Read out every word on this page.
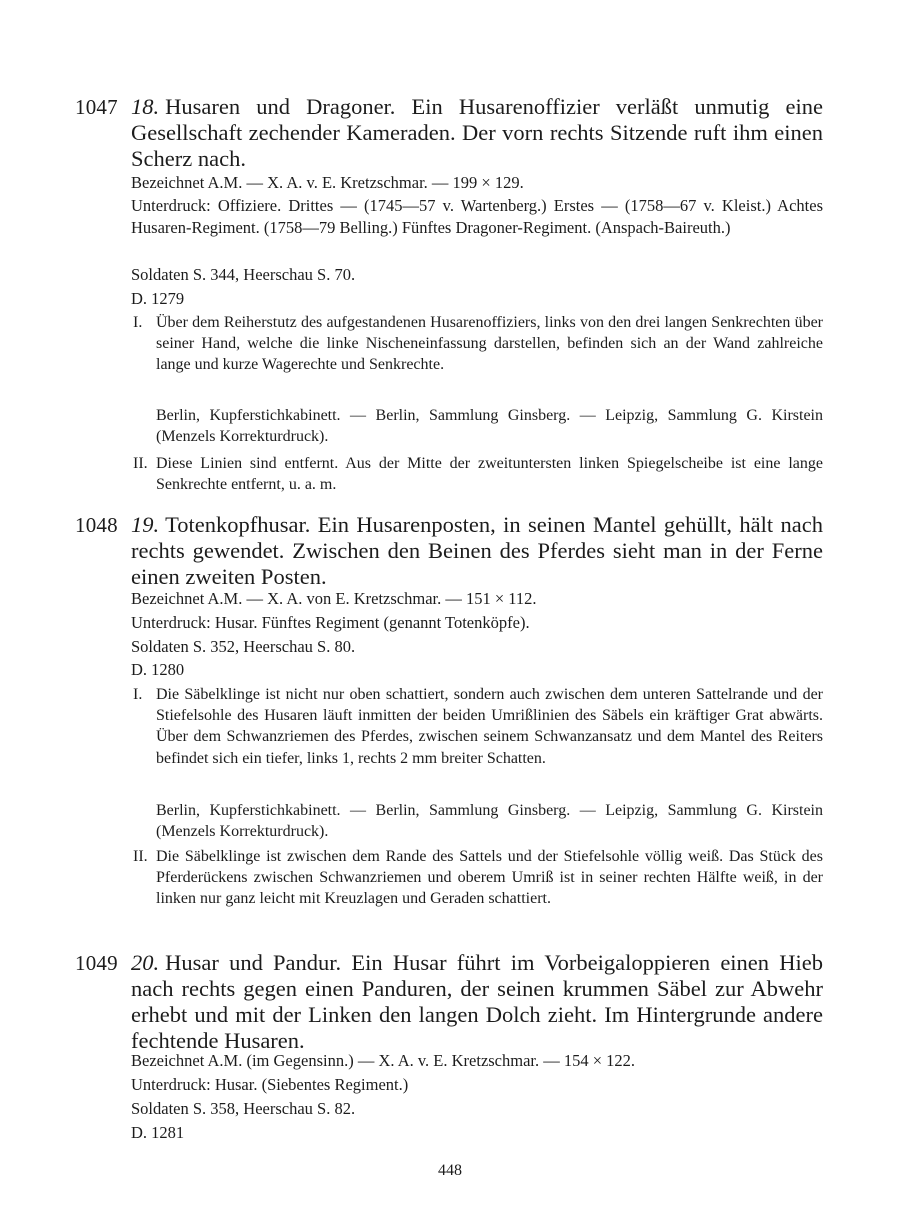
1047 18. Husaren und Dragoner. Ein Husarenoffizier verläßt unmutig eine Gesellschaft zechender Kameraden. Der vorn rechts Sitzende ruft ihm einen Scherz nach.
Bezeichnet A.M. — X. A. v. E. Kretzschmar. — 199 × 129.
Unterdruck: Offiziere. Drittes — (1745—57 v. Wartenberg.) Erstes — (1758—67 v. Kleist.) Achtes Husaren-Regiment. (1758—79 Belling.) Fünftes Dragoner-Regiment. (Anspach-Baireuth.)
Soldaten S. 344, Heerschau S. 70.
D. 1279
I. Über dem Reiherstutz des aufgestandenen Husarenoffiziers, links von den drei langen Senkrechten über seiner Hand, welche die linke Nischeneinfassung darstellen, befinden sich an der Wand zahlreiche lange und kurze Wagerechte und Senkrechte.
Berlin, Kupferstichkabinett. — Berlin, Sammlung Ginsberg. — Leipzig, Sammlung G. Kirstein (Menzels Korrekturdruck).
II. Diese Linien sind entfernt. Aus der Mitte der zweituntersten linken Spiegelscheibe ist eine lange Senkrechte entfernt, u. a. m.
1048 19. Totenkopfhusar. Ein Husarenposten, in seinen Mantel gehüllt, hält nach rechts gewendet. Zwischen den Beinen des Pferdes sieht man in der Ferne einen zweiten Posten.
Bezeichnet A.M. — X. A. von E. Kretzschmar. — 151 × 112.
Unterdruck: Husar. Fünftes Regiment (genannt Totenköpfe).
Soldaten S. 352, Heerschau S. 80.
D. 1280
I. Die Säbelklinge ist nicht nur oben schattiert, sondern auch zwischen dem unteren Sattelrande und der Stiefelsohle des Husaren läuft inmitten der beiden Umrißlinien des Säbels ein kräftiger Grat abwärts. Über dem Schwanzriemen des Pferdes, zwischen seinem Schwanzansatz und dem Mantel des Reiters befindet sich ein tiefer, links 1, rechts 2 mm breiter Schatten.
Berlin, Kupferstichkabinett. — Berlin, Sammlung Ginsberg. — Leipzig, Sammlung G. Kirstein (Menzels Korrekturdruck).
II. Die Säbelklinge ist zwischen dem Rande des Sattels und der Stiefelsohle völlig weiß. Das Stück des Pferderückens zwischen Schwanzriemen und oberem Umriß ist in seiner rechten Hälfte weiß, in der linken nur ganz leicht mit Kreuzlagen und Geraden schattiert.
1049 20. Husar und Pandur. Ein Husar führt im Vorbeigaloppieren einen Hieb nach rechts gegen einen Panduren, der seinen krummen Säbel zur Abwehr erhebt und mit der Linken den langen Dolch zieht. Im Hintergrunde andere fechtende Husaren.
Bezeichnet A.M. (im Gegensinn.) — X. A. v. E. Kretzschmar. — 154 × 122.
Unterdruck: Husar. (Siebentes Regiment.)
Soldaten S. 358, Heerschau S. 82.
D. 1281
448
